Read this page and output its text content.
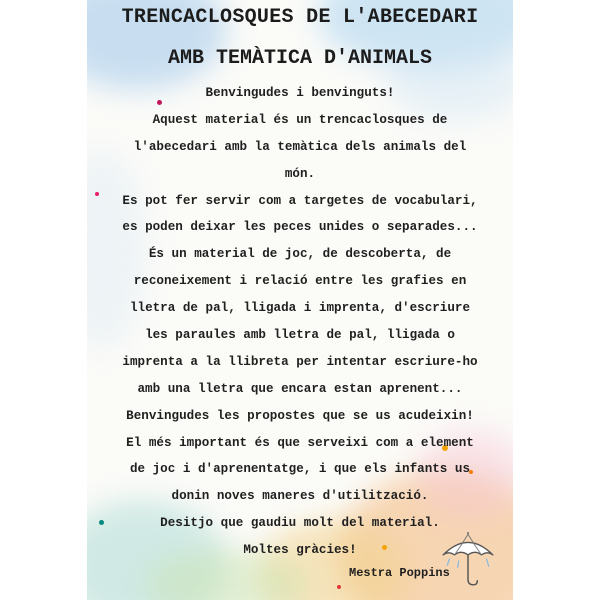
TRENCACLOSQUES DE L'ABECEDARI
AMB TEMÀTICA D'ANIMALS
Benvingudes i benvinguts!
Aquest material és un trencaclosques de
l'abecedari amb la temàtica dels animals del
món.
Es pot fer servir com a targetes de vocabulari,
es poden deixar les peces unides o separades...
És un material de joc, de descoberta, de
reconeixement i relació entre les grafies en
lletra de pal, lligada i imprenta, d'escriure
les paraules amb lletra de pal, lligada o
imprenta a la llibreta per intentar escriure-ho
amb una lletra que encara estan aprenent...
Benvingudes les propostes que se us acudeixin!
El més important és que serveixi com a element
de joc i d'aprenentatge, i que els infants us
donin noves maneres d'utilització.
Desitjo que gaudiu molt del material.
Moltes gràcies!
Mestra Poppins
